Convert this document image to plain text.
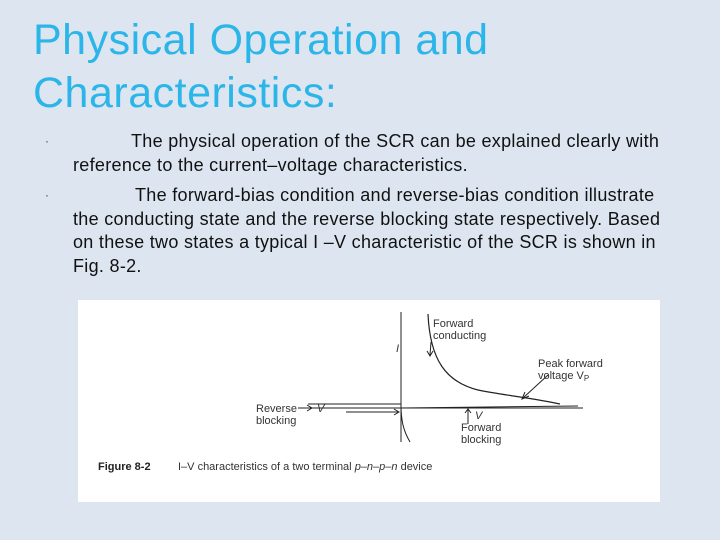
Physical Operation and
Characteristics:
·	The physical operation of the SCR can be explained clearly with reference to the current–voltage characteristics.
·	The forward-bias condition and reverse-bias condition illustrate the conducting state and the reverse blocking state respectively. Based on these two states a typical I –V characteristic of the SCR is shown in Fig. 8-2.
I
V
V
Forward
conducting
Peak forward
voltage VP
Reverse
blocking
Forward
blocking
Figure 8-2 I–V characteristics of a two terminal p–n–p–n device
